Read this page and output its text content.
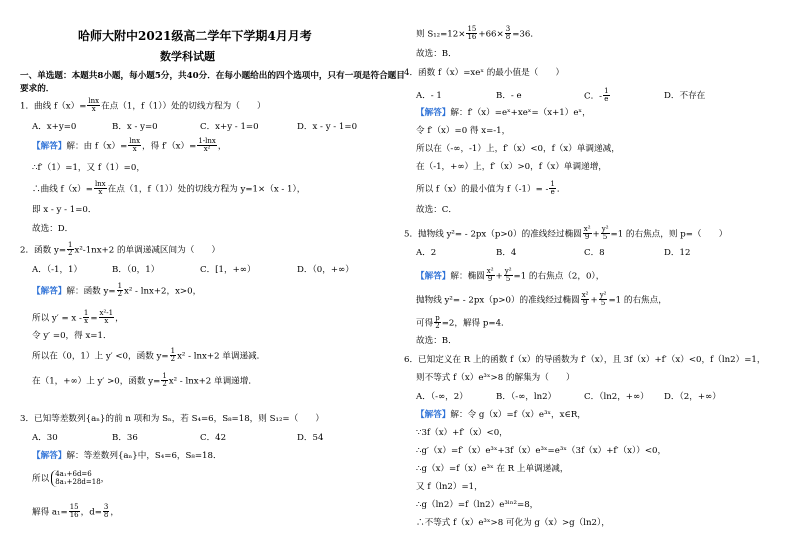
哈师大附中2021级高二学年下学期4月月考
数学科试题
一、单选题：本题共8小题，每小题5分，共40分．在每小题给出的四个选项中，只有一项是符合题目
要求的．
1．曲线 $f(x)= \frac{\ln x}{x}$ 在点（1，f（1））处的切线方程为（　　）
A．x+y=0	B．x - y=0	C．x+y - 1=0	D．x - y - 1=0
【解答】解：由 $f(x)= \frac{\ln x}{x}$ ，得 $f'(x)= \frac{1-\ln x}{\text{x²}}$ ，
∴f′（1）=1，又 f（1）=0，
∴曲线 $f(x)= \frac{\ln x}{x}$ 在点（1，f（1））处的切线方程为 y=1×（x - 1），
即 x - y - 1=0．
故选：D．
2．函数 $y= \frac{1}{2} x^2-1nx+2$ 的单调递减区间为（　　）
A．（-1，1）	B．（0，1）	C．[1，+∞）	D．（0，+∞）
【解答】解：函数 $y= \frac{1}{2} x^2 - \ln x+2$，x>0，
所以 $y' = x - \frac{1}{x} = \frac{\text{x²-1}}{x}$ ，
令 y′ =0，得 x=1．
所以在（0，1）上 y′ <0，函数 $y= \frac{1}{2} x^2 - \ln x+2$ 单调递减．
在（1，+∞）上 y′ >0，函数 $y= \frac{1}{2} x^2 - \ln x+2$ 单调递增．
3．已知等差数列{aₙ}的前 n 项和为 Sₙ，若 S₄=6，S₈=18，则 S₁₂=（　　）
A．30	B．36	C．42	D．54
【解答】解：等差数列{aₙ}中，S₄=6，S₈=18．
所以 4a₁+6d=6
8a₁+28d=18 ，
解得 $a_1= \frac{15}{16}$ ，$d= \frac{3}{8}$ ，
则 $S_{12}=12\times \frac{15}{16} +66\times \frac{3}{8} =36$．
故选：B．
4．函数 f（x）=xeˣ 的最小值是（　　）
A．- 1	B．- e	C．- $\frac{1}{e}$	D．不存在
【解答】解：f′（x）=eˣ+xeˣ=（x+1）eˣ，
令 f′（x）=0 得 x=-1，
所以在（-∞，-1）上，f′（x）<0，f（x）单调递减，
在（-1，+∞）上，f′（x）>0，f（x）单调递增，
所以 f（x）的最小值为 $f(-1)= - \frac{1}{e}$ ．
故选：C．
5．抛物线 y²= - 2px（p>0）的准线经过椭圆 $\frac{\text{x²}}{9} + \frac{\text{y²}}{5} =1$ 的右焦点，则 p=（　　）
A．2	B．4	C．8	D．12
【解答】解：椭圆 $\frac{\text{x²}}{9} + \frac{\text{y²}}{5} =1$ 的右焦点（2，0），
抛物线 y²= - 2px（p>0）的准线经过椭圆 $\frac{\text{x²}}{9} + \frac{\text{y²}}{5} =1$ 的右焦点，
可得 $\frac{p}{2} =2$，解得 p=4．
故选：B．
6．已知定义在 R 上的函数 f（x）的导函数为 f′（x），且 3f（x）+f′（x）<0，f（ln2）=1，
则不等式 f（x）e³ˣ>8 的解集为（　　）
A．（-∞，2）	B．（-∞，ln2）	C．（ln2，+∞） D．（2，+∞）
【解答】解：令 g（x）=f（x）e³ˣ，x∈R，
∵3f（x）+f′（x）<0，
∴g′（x）=f′（x）e³ˣ+3f（x）e³ˣ=e³ˣ（3f（x）+f′（x））<0，
∴g（x）=f（x）e³ˣ 在 R 上单调递减，
又 f（ln2）=1，
∴g（ln2）=f（ln2）e³ˡⁿ²=8，
∴不等式 f（x）e³ˣ>8 可化为 g（x）>g（ln2），
